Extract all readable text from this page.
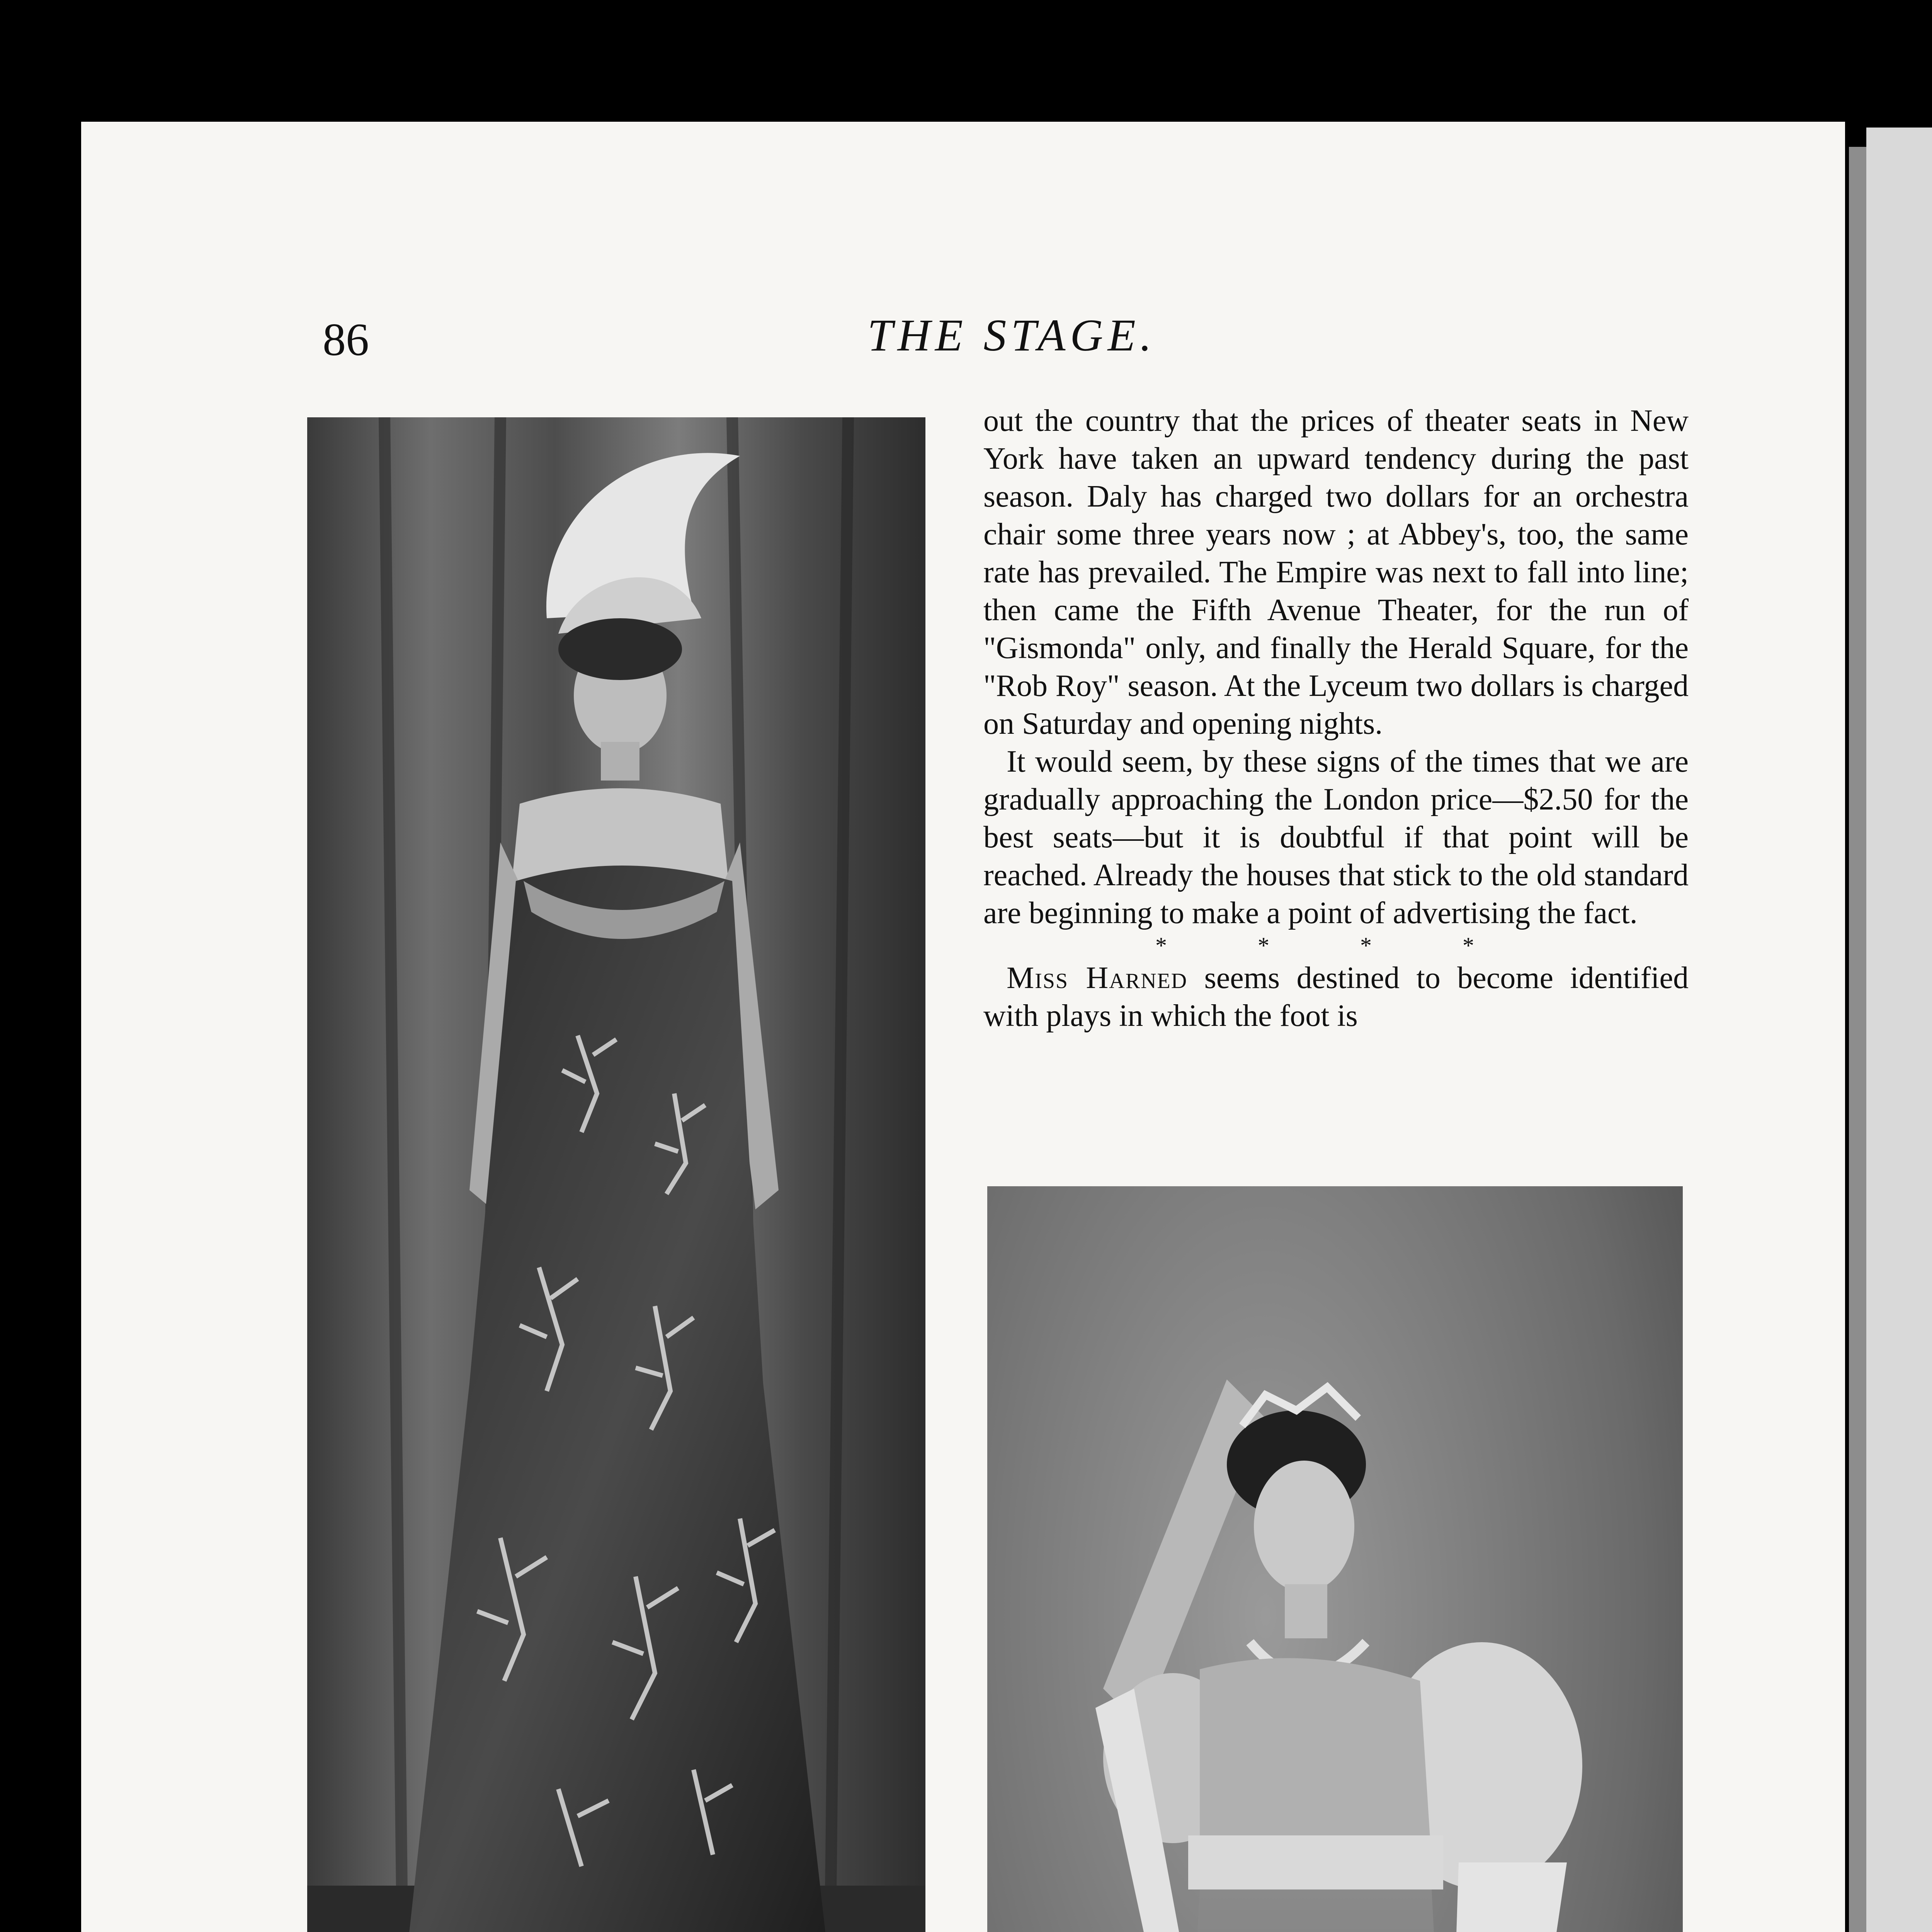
86	THE STAGE.

out the country that the prices of theater seats in New York have taken an upward tendency during the past season. Daly has charged two dollars for an orchestra chair some three years now ; at Abbey's, too, the same rate has prevailed. The Empire was next to fall into line; then came the Fifth Avenue Theater, for the run of "Gismonda" only, and finally the Herald Square, for the "Rob Roy" season. At the Lyceum two dollars is charged on Saturday and opening nights.

It would seem, by these signs of the times that we are gradually approaching the London price—$2.50 for the best seats—but it is doubtful if that point will be reached. Already the houses that stick to the old standard are beginning to make a point of advertising the fact.

* * * *

Miss Harned seems destined to become identified with plays in which the foot is
